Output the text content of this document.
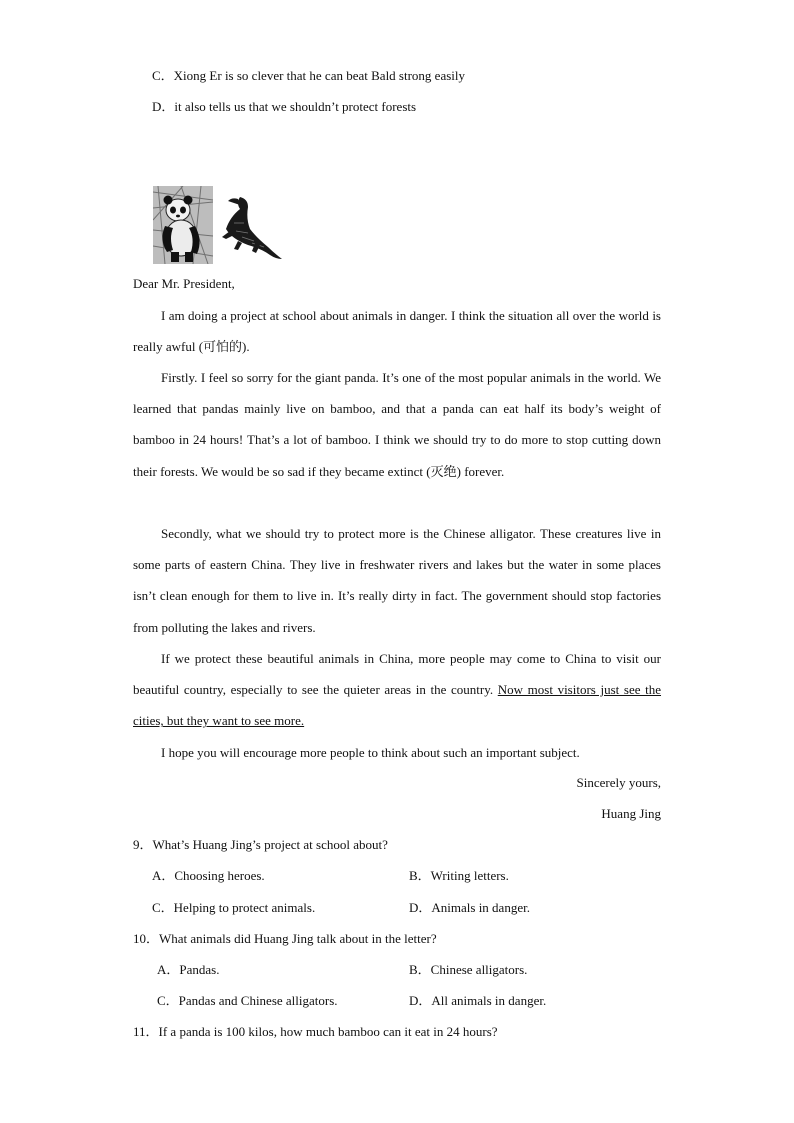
C．Xiong Er is so clever that he can beat Bald strong easily
D．it also tells us that we shouldn’t protect forests
Dear Mr. President,
I am doing a project at school about animals in danger. I think the situation all over the world is really awful (可怕的).
Firstly. I feel so sorry for the giant panda. It’s one of the most popular animals in the world. We learned that pandas mainly live on bamboo, and that a panda can eat half its body’s weight of bamboo in 24 hours! That’s a lot of bamboo. I think we should try to do more to stop cutting down their forests. We would be so sad if they became extinct (灭绝) forever.
Secondly, what we should try to protect more is the Chinese alligator. These creatures live in some parts of eastern China. They live in freshwater rivers and lakes but the water in some places isn’t clean enough for them to live in. It’s really dirty in fact. The government should stop factories from polluting the lakes and rivers.
If we protect these beautiful animals in China, more people may come to China to visit our beautiful country, especially to see the quieter areas in the country. Now most visitors just see the cities, but they want to see more.
I hope you will encourage more people to think about such an important subject.
Sincerely yours,
Huang Jing
9．What’s Huang Jing’s project at school about?
A．Choosing heroes.	B．Writing letters.
C．Helping to protect animals.	D．Animals in danger.
10．What animals did Huang Jing talk about in the letter?
A．Pandas.	B．Chinese alligators.
C．Pandas and Chinese alligators.	D．All animals in danger.
11．If a panda is 100 kilos, how much bamboo can it eat in 24 hours?
